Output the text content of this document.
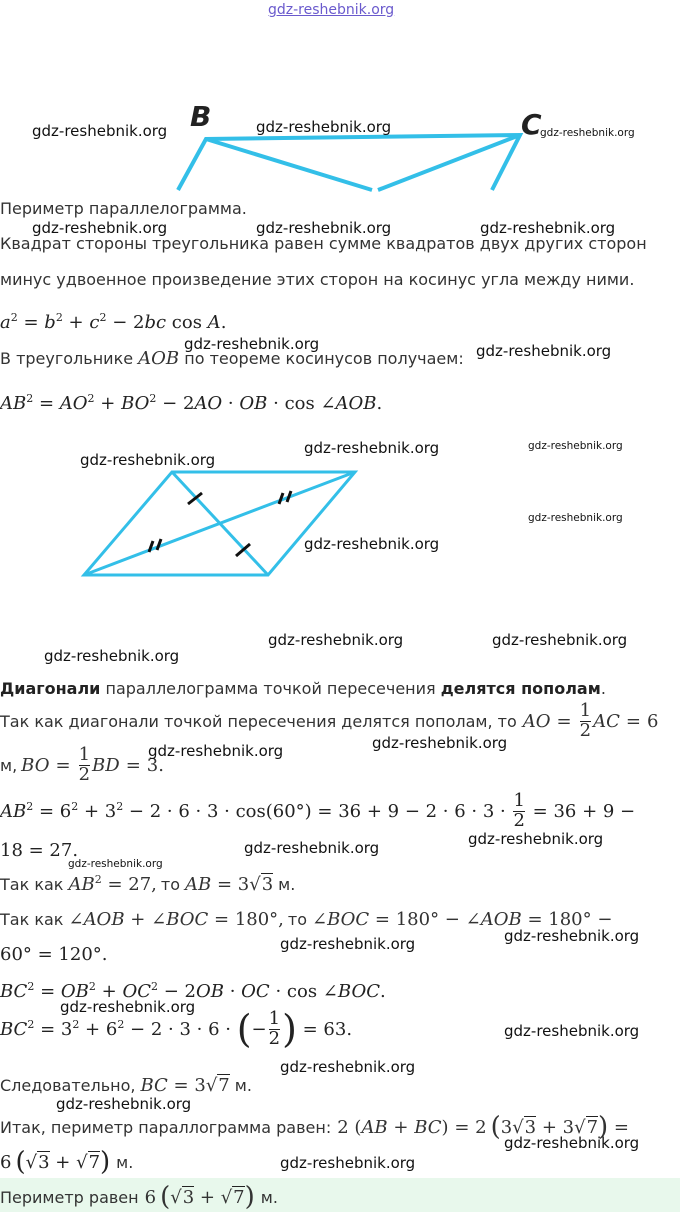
gdz-reshebnik.org
B	C
gdz-reshebnik.org	gdz-reshebnik.org	gdz-reshebnik.org
Периметр параллелограмма.
gdz-reshebnik.org	gdz-reshebnik.org	gdz-reshebnik.org
Квадрат стороны треугольника равен сумме квадратов двух других сторон
минус удвоенное произведение этих сторон на косинус угла между ними.
$a^2 = b^2 + c^2 - 2bc$ cos A.
gdz-reshebnik.org
В треугольнике AOB по теореме косинусов получаем: gdz-reshebnik.org
$AB^2 = AO^2 + BO^2 - 2AO$ · OB · cos ∠AOB.
gdz-reshebnik.org
gdz-reshebnik.org	gdz-reshebnik.org
gdz-reshebnik.org
gdz-reshebnik.org
gdz-reshebnik.org	gdz-reshebnik.org
gdz-reshebnik.org
Диагонали параллелограмма точкой пересечения делятся пополам.
Так как диагонали точкой пересечения делятся пополам, то AO = $\frac{1}{2}$ AC = 6
м, BO = $\frac{1}{2}$ BD = 3.
gdz-reshebnik.org	gdz-reshebnik.org
$AB^2 = 6^2 + 3^2 - 2 \cdot 6 \cdot 3 \cdot \cos(60^\circ) = 36 + 9 - 2 \cdot 6 \cdot 3 \cdot \frac{1}{2} = 36 + 9$ −
18 = 27.	gdz-reshebnik.org	gdz-reshebnik.org
gdz-reshebnik.org
Так как $AB^2 = 27$, то AB = 3√3 м.
Так как ∠AOB + ∠BOC = 180°, то ∠BOC = 180° − ∠AOB = 180° −
60° = 120°.	gdz-reshebnik.org	gdz-reshebnik.org
$BC^2 = OB^2 + OC^2 - 2OB$ · OC · cos ∠BOC.
gdz-reshebnik.org
$BC^2 = 3^2 + 6^2 - 2 \cdot 3 \cdot 6$ · ( − $\frac{1}{2}$ ) = 63.	gdz-reshebnik.org
Следовательно, BC = 3√7 м.
gdz-reshebnik.org
gdz-reshebnik.org
Итак, периметр параллограмма равен: 2 (AB + BC) = 2 ( 3 √3 + 3 √7 ) =
6 ( √3 + √7 ) м.
gdz-reshebnik.org
gdz-reshebnik.org
Периметр равен 6 ( √3 + √7 ) м.
